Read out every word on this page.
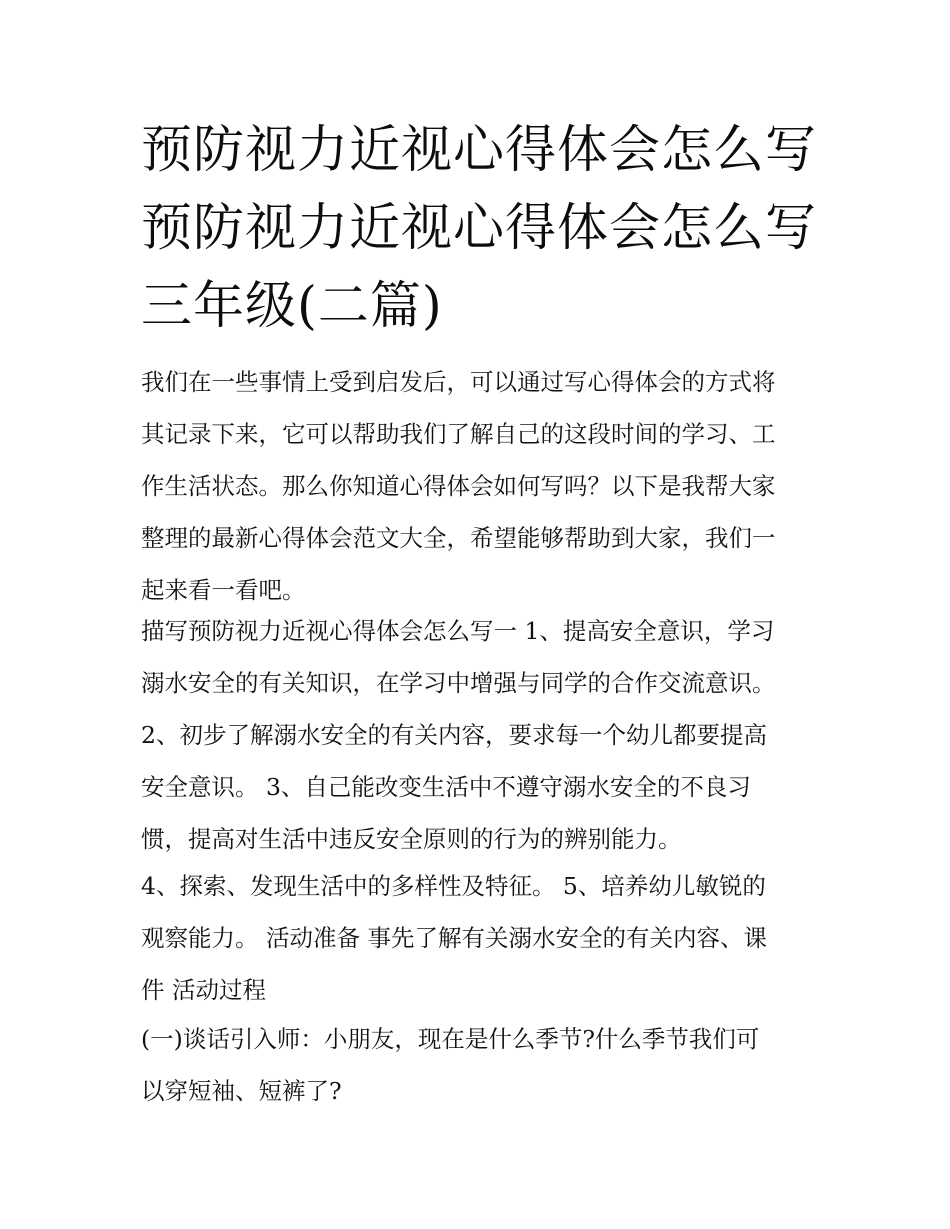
预防视力近视心得体会怎么写
预防视力近视心得体会怎么写
三年级(二篇)
我们在一些事情上受到启发后，可以通过写心得体会的方式将
其记录下来，它可以帮助我们了解自己的这段时间的学习、工
作生活状态。那么你知道心得体会如何写吗？以下是我帮大家
整理的最新心得体会范文大全，希望能够帮助到大家，我们一
起来看一看吧。
描写预防视力近视心得体会怎么写一 1、提高安全意识，学习
溺水安全的有关知识，在学习中增强与同学的合作交流意识。
2、初步了解溺水安全的有关内容，要求每一个幼儿都要提高
安全意识。 3、自己能改变生活中不遵守溺水安全的不良习
惯，提高对生活中违反安全原则的行为的辨别能力。
4、探索、发现生活中的多样性及特征。 5、培养幼儿敏锐的
观察能力。 活动准备 事先了解有关溺水安全的有关内容、课
件 活动过程
(一)谈话引入师：小朋友，现在是什么季节?什么季节我们可
以穿短袖、短裤了?
